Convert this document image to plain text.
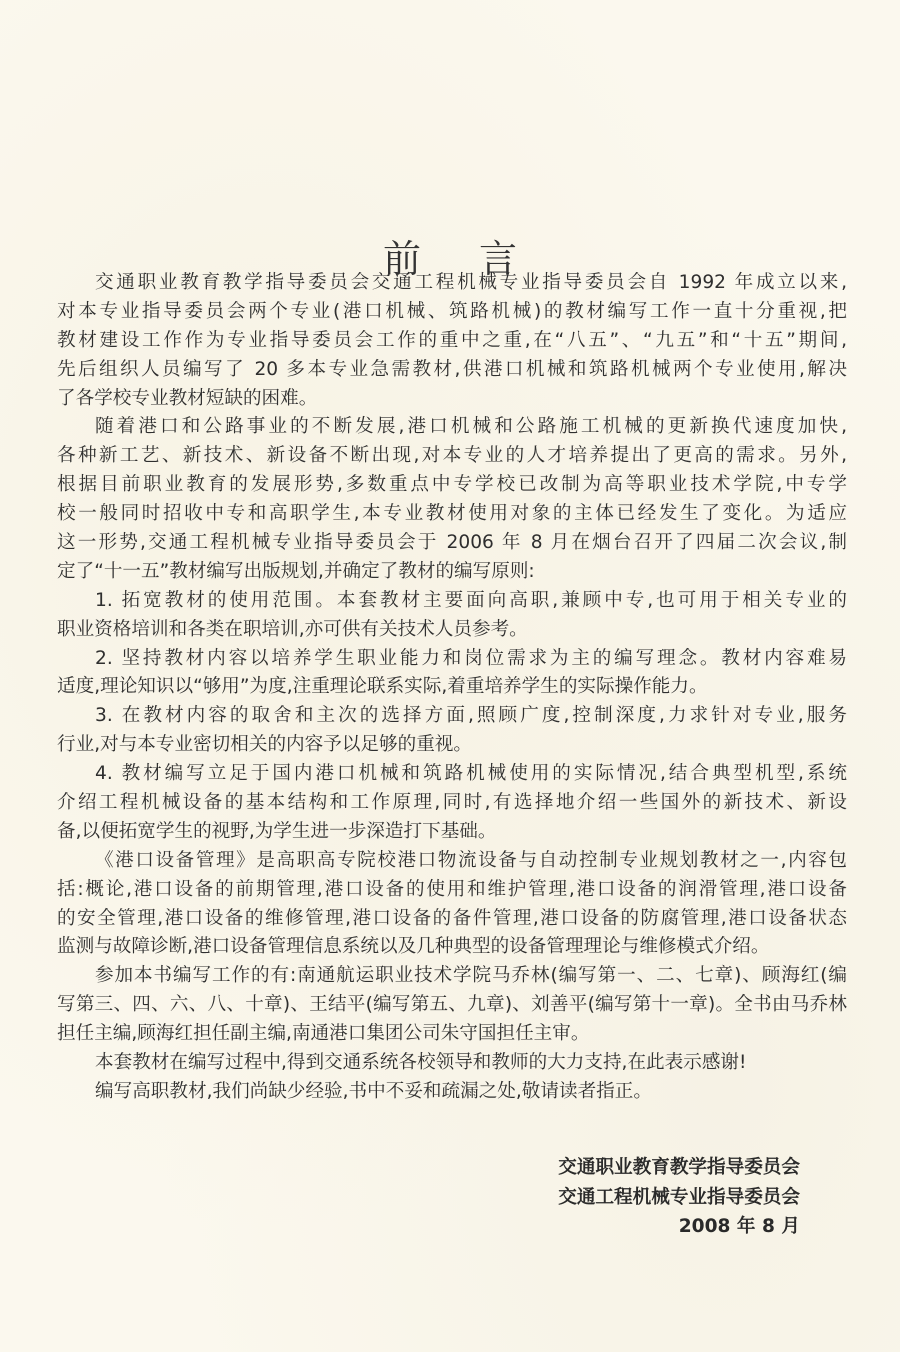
前言
交通职业教育教学指导委员会交通工程机械专业指导委员会自 1992 年成立以来,
对本专业指导委员会两个专业(港口机械、筑路机械)的教材编写工作一直十分重视,把
教材建设工作作为专业指导委员会工作的重中之重,在“八五”、“九五”和“十五”期间,
先后组织人员编写了 20 多本专业急需教材,供港口机械和筑路机械两个专业使用,解决
了各学校专业教材短缺的困难。
随着港口和公路事业的不断发展,港口机械和公路施工机械的更新换代速度加快,
各种新工艺、新技术、新设备不断出现,对本专业的人才培养提出了更高的需求。另外,
根据目前职业教育的发展形势,多数重点中专学校已改制为高等职业技术学院,中专学
校一般同时招收中专和高职学生,本专业教材使用对象的主体已经发生了变化。为适应
这一形势,交通工程机械专业指导委员会于 2006 年 8 月在烟台召开了四届二次会议,制
定了“十一五”教材编写出版规划,并确定了教材的编写原则:
1. 拓宽教材的使用范围。本套教材主要面向高职,兼顾中专,也可用于相关专业的
职业资格培训和各类在职培训,亦可供有关技术人员参考。
2. 坚持教材内容以培养学生职业能力和岗位需求为主的编写理念。教材内容难易
适度,理论知识以“够用”为度,注重理论联系实际,着重培养学生的实际操作能力。
3. 在教材内容的取舍和主次的选择方面,照顾广度,控制深度,力求针对专业,服务
行业,对与本专业密切相关的内容予以足够的重视。
4. 教材编写立足于国内港口机械和筑路机械使用的实际情况,结合典型机型,系统
介绍工程机械设备的基本结构和工作原理,同时,有选择地介绍一些国外的新技术、新设
备,以便拓宽学生的视野,为学生进一步深造打下基础。
《港口设备管理》是高职高专院校港口物流设备与自动控制专业规划教材之一,内容包
括:概论,港口设备的前期管理,港口设备的使用和维护管理,港口设备的润滑管理,港口设备
的安全管理,港口设备的维修管理,港口设备的备件管理,港口设备的防腐管理,港口设备状态
监测与故障诊断,港口设备管理信息系统以及几种典型的设备管理理论与维修模式介绍。
参加本书编写工作的有:南通航运职业技术学院马乔林(编写第一、二、七章)、顾海红(编
写第三、四、六、八、十章)、王结平(编写第五、九章)、刘善平(编写第十一章)。全书由马乔林
担任主编,顾海红担任副主编,南通港口集团公司朱守国担任主审。
本套教材在编写过程中,得到交通系统各校领导和教师的大力支持,在此表示感谢!
编写高职教材,我们尚缺少经验,书中不妥和疏漏之处,敬请读者指正。
交通职业教育教学指导委员会
交通工程机械专业指导委员会
2008 年 8 月
